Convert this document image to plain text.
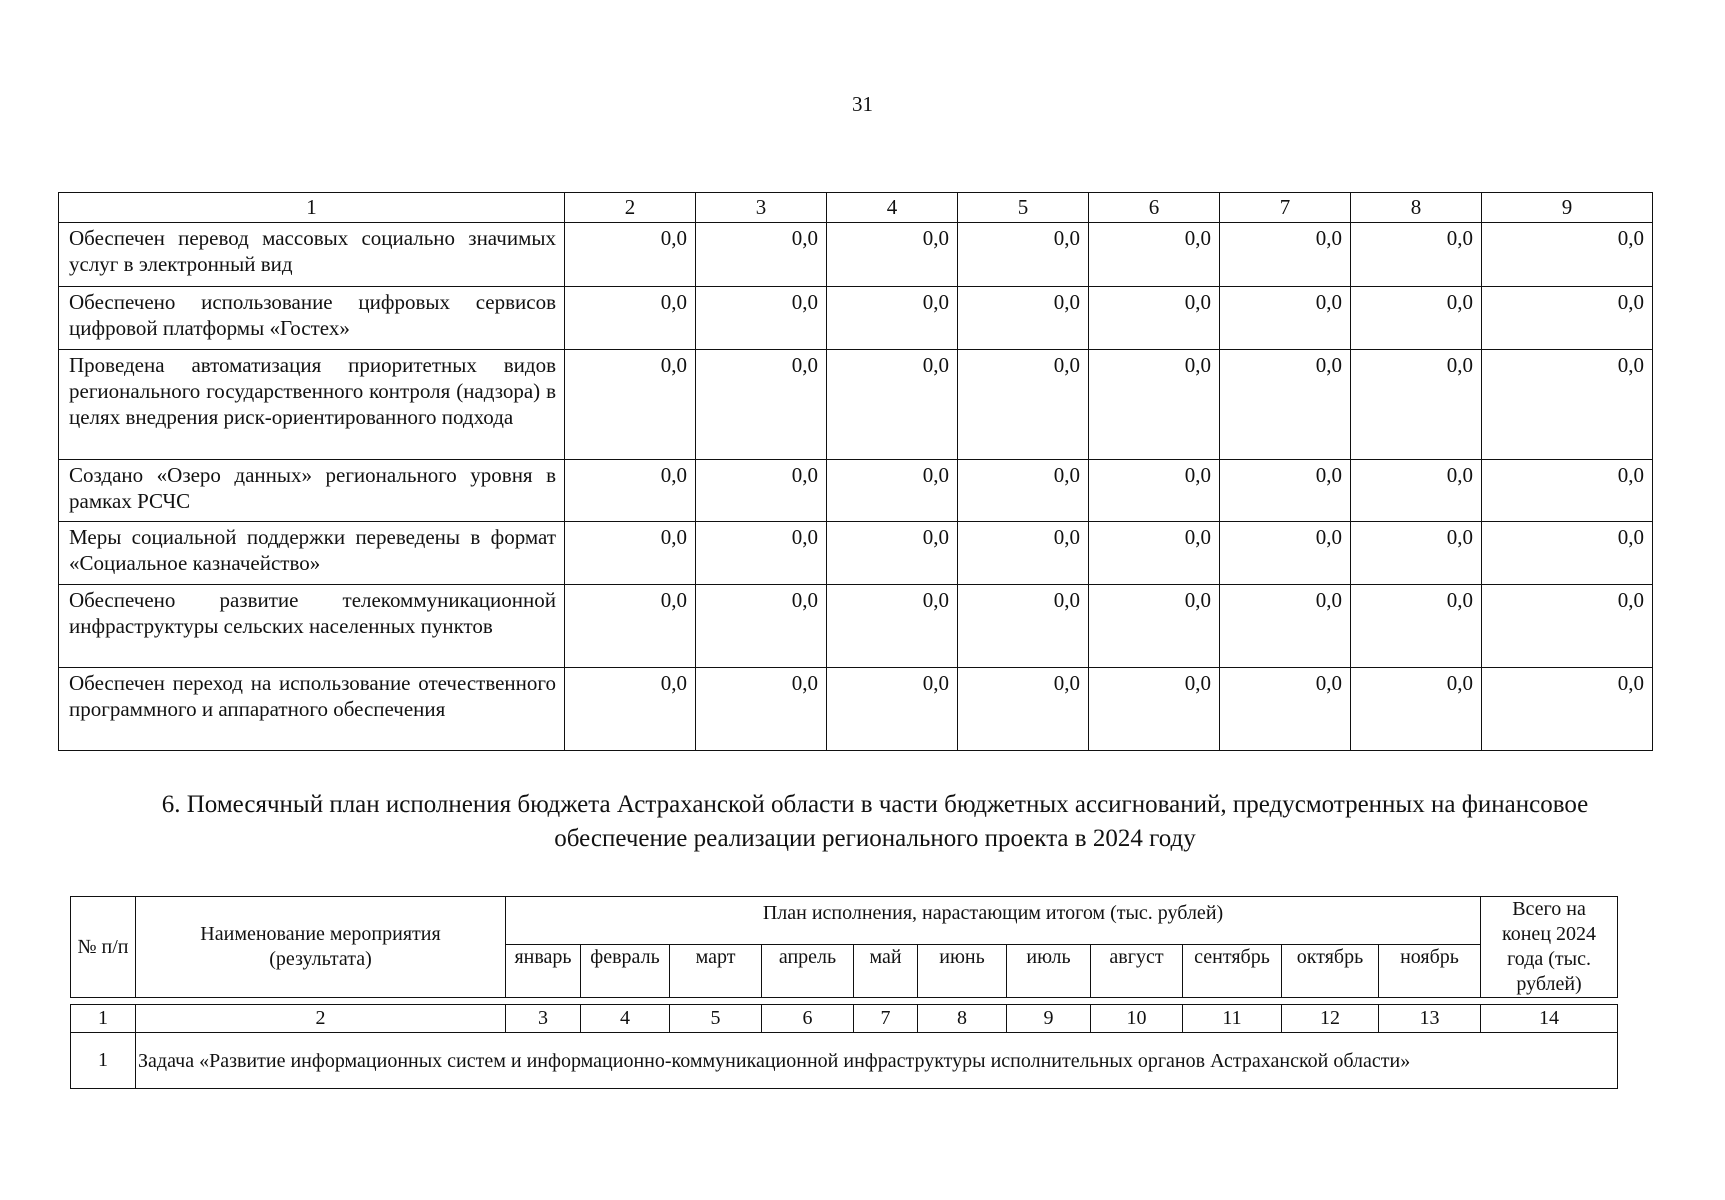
31
1	2	3	4	5	6	7	8	9
Обеспечен перевод массовых социально значимых услуг в электронный вид	0,0	0,0	0,0	0,0	0,0	0,0	0,0	0,0
Обеспечено использование цифровых сервисов цифровой платформы «Гостех»	0,0	0,0	0,0	0,0	0,0	0,0	0,0	0,0
Проведена автоматизация приоритетных видов регионального государственного контроля (надзора) в целях внедрения риск-ориентированного подхода	0,0	0,0	0,0	0,0	0,0	0,0	0,0	0,0
Создано «Озеро данных» регионального уровня в рамках РСЧС	0,0	0,0	0,0	0,0	0,0	0,0	0,0	0,0
Меры социальной поддержки переведены в формат «Социальное казначейство»	0,0	0,0	0,0	0,0	0,0	0,0	0,0	0,0
Обеспечено развитие телекоммуникационной инфраструктуры сельских населенных пунктов	0,0	0,0	0,0	0,0	0,0	0,0	0,0	0,0
Обеспечен переход на использование отечественного программного и аппаратного обеспечения	0,0	0,0	0,0	0,0	0,0	0,0	0,0	0,0
6. Помесячный план исполнения бюджета Астраханской области в части бюджетных ассигнований, предусмотренных на финансовое обеспечение реализации регионального проекта в 2024 году
№ п/п	Наименование мероприятия (результата)	План исполнения, нарастающим итогом (тыс. рублей)											Всего на конец 2024 года (тыс. рублей)
		январь	февраль	март	апрель	май	июнь	июль	август	сентябрь	октябрь	ноябрь	

1	2	3	4	5	6	7	8	9	10	11	12	13	14
1	Задача «Развитие информационных систем и информационно-коммуникационной инфраструктуры исполнительных органов Астраханской области»												
